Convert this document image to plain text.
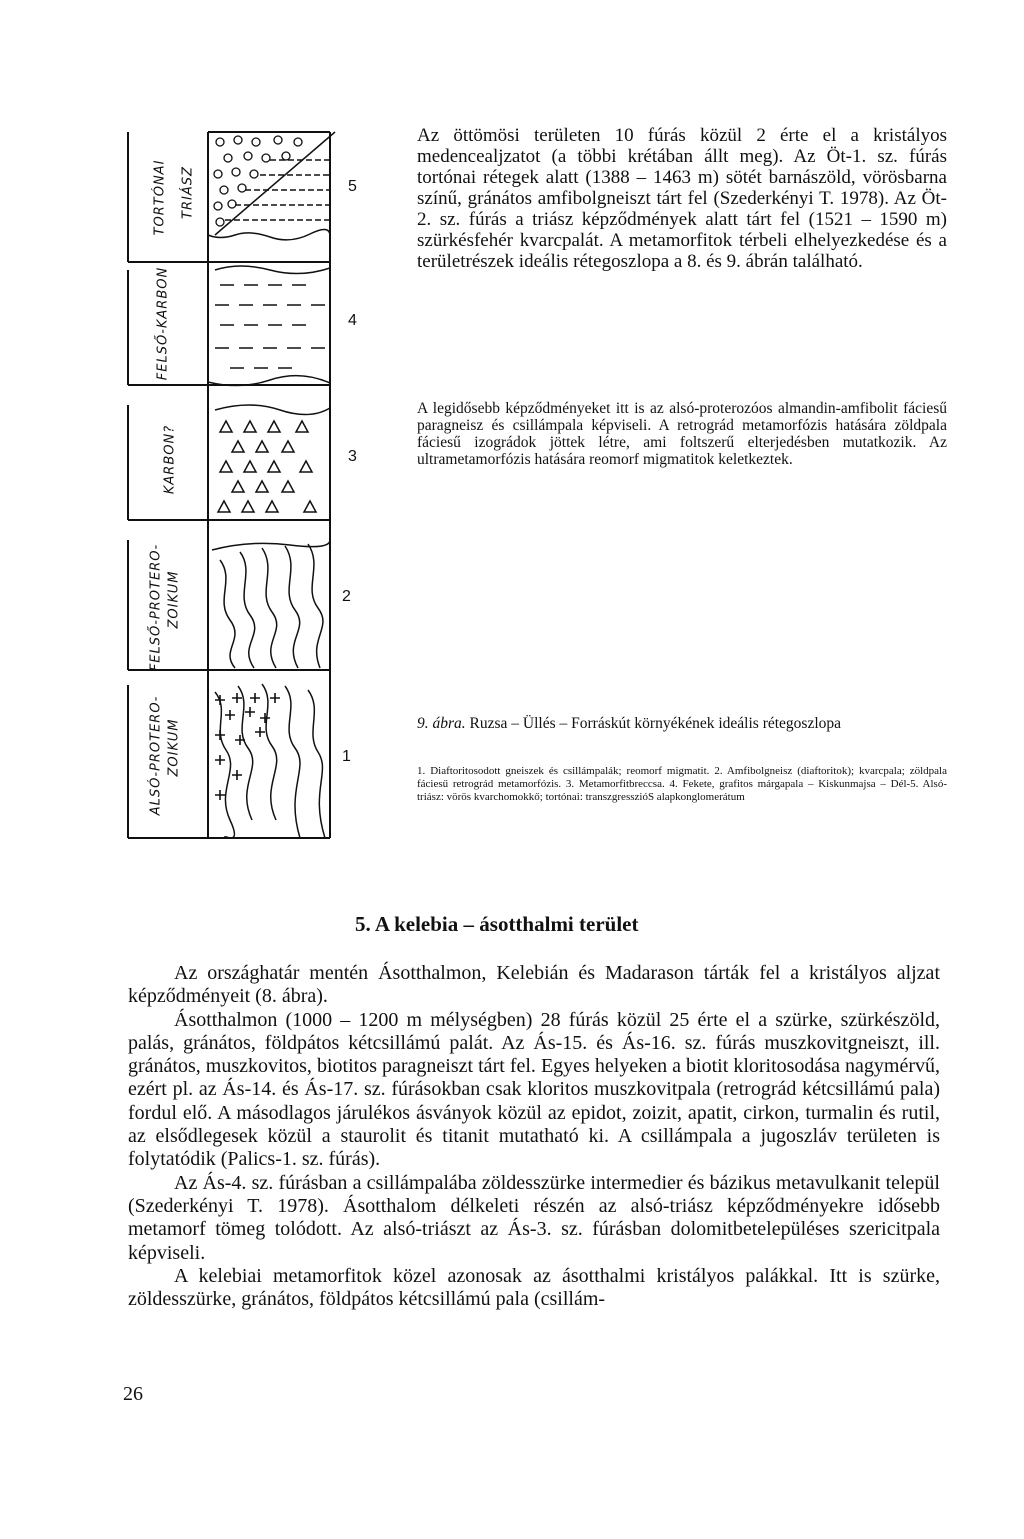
TORTÓNAI TRIÁSZ
FELSŐ-KARBON
KARBON?
FELSŐ-PROTERO- ZOIKUM
ALSÓ-PROTERO- ZOIKUM
5
4
3
2
1
Az öttömösi területen 10 fúrás közül 2 érte el a kristályos medencealjzatot (a többi krétában állt meg). Az Öt-1. sz. fúrás tortónai rétegek alatt (1388 – 1463 m) sötét barnászöld, vörösbarna színű, gránátos amfibolgneiszt tárt fel (Szederkényi T. 1978). Az Öt-2. sz. fúrás a triász képződmények alatt tárt fel (1521 – 1590 m) szürkésfehér kvarcpalát. A metamorfitok térbeli elhelyezkedése és a területrészek ideális rétegoszlopa a 8. és 9. ábrán található.
A legidősebb képződményeket itt is az alsó-proterozóos almandin-amfibolit fáciesű paragneisz és csillámpala képviseli. A retrográd metamorfózis hatására zöldpala fáciesű izográdok jöttek létre, ami foltszerű elterjedésben mutatkozik. Az ultrametamorfózis hatására reomorf migmatitok keletkeztek.
9. ábra. Ruzsa – Üllés – Forráskút környékének ideális rétegoszlopa
1. Diaftoritosodott gneiszek és csillámpalák; reomorf migmatit. 2. Amfibolgneisz (diaftoritok); kvarcpala; zöldpala fáciesű retrográd metamorfózis. 3. Metamorfitbreccsa. 4. Fekete, grafitos márgapala – Kiskunmajsa – Dél-5. Alsó-triász: vörös kvarchomokkő; tortónai: transzgresszióS alapkonglomerátum
5. A kelebia – ásotthalmi terület

Az országhatár mentén Ásotthalmon, Kelebián és Madarason tárták fel a kristályos aljzat képződményeit (8. ábra).

Ásotthalmon (1000 – 1200 m mélységben) 28 fúrás közül 25 érte el a szürke, szürkészöld, palás, gránátos, földpátos kétcsillámú palát. Az Ás-15. és Ás-16. sz. fúrás muszkovitgneiszt, ill. gránátos, muszkovitos, biotitos paragneiszt tárt fel. Egyes helyeken a biotit kloritosodása nagymérvű, ezért pl. az Ás-14. és Ás-17. sz. fúrásokban csak kloritos muszkovitpala (retrográd kétcsillámú pala) fordul elő. A másodlagos járulékos ásványok közül az epidot, zoizit, apatit, cirkon, turmalin és rutil, az elsődlegesek közül a staurolit és titanit mutatható ki. A csillámpala a jugoszláv területen is folytatódik (Palics-1. sz. fúrás).

Az Ás-4. sz. fúrásban a csillámpalába zöldesszürke intermedier és bázikus metavulkanit települ (Szederkényi T. 1978). Ásotthalom délkeleti részén az alsó-triász képződményekre idősebb metamorf tömeg tolódott. Az alsó-triászt az Ás-3. sz. fúrásban dolomitbetelepüléses szericitpala képviseli.

A kelebiai metamorfitok közel azonosak az ásotthalmi kristályos palákkal. Itt is szürke, zöldesszürke, gránátos, földpátos kétcsillámú pala (csillám-

26
